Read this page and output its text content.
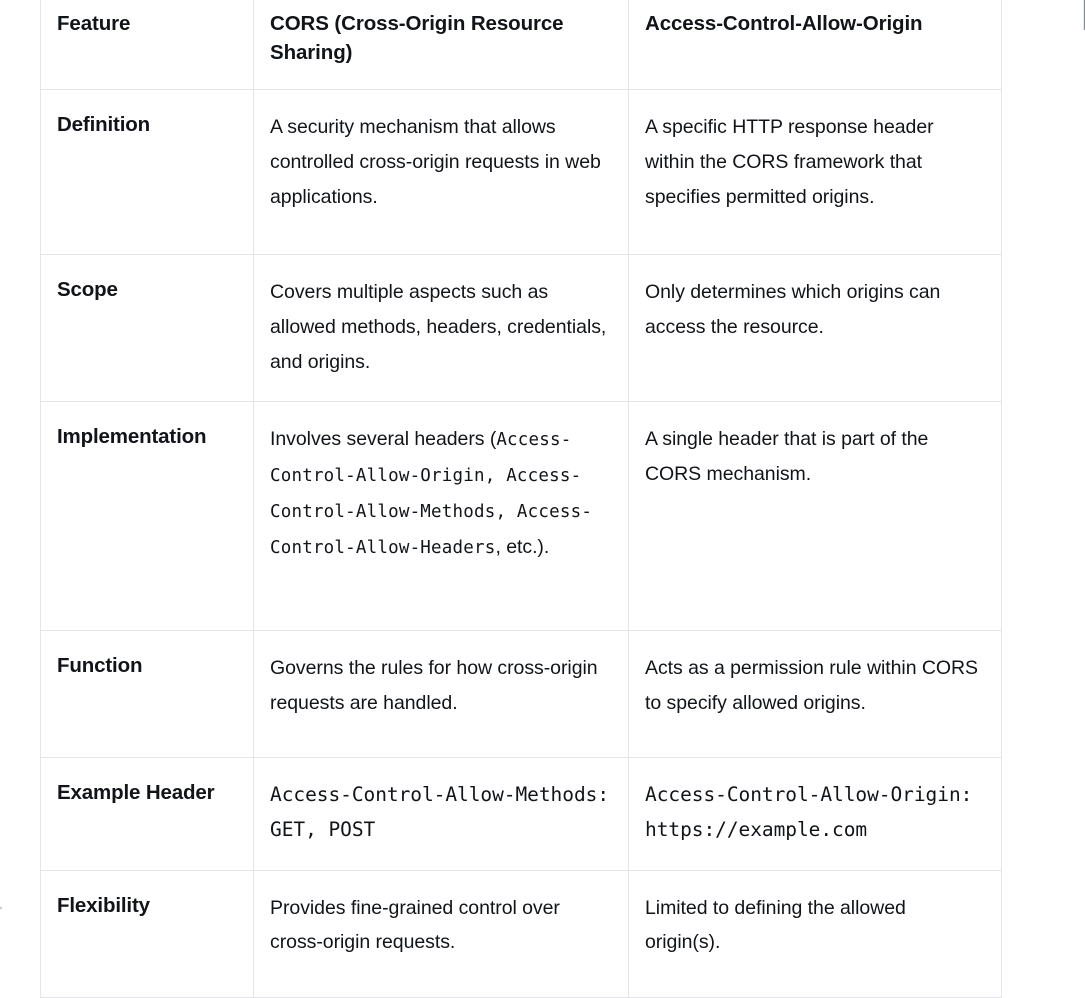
Feature	CORS (Cross-Origin Resource Sharing)	Access-Control-Allow-Origin
Definition	A security mechanism that allows controlled cross-origin requests in web applications.	A specific HTTP response header within the CORS framework that specifies permitted origins.
Scope	Covers multiple aspects such as allowed methods, headers, credentials, and origins.	Only determines which origins can access the resource.
Implementation	Involves several headers (Access-Control-Allow-Origin, Access-Control-Allow-Methods, Access-Control-Allow-Headers, etc.).	A single header that is part of the CORS mechanism.
Function	Governs the rules for how cross-origin requests are handled.	Acts as a permission rule within CORS to specify allowed origins.
Example Header	Access-Control-Allow-Methods: GET, POST	Access-Control-Allow-Origin: https://example.com
Flexibility	Provides fine-grained control over cross-origin requests.	Limited to defining the allowed origin(s).
